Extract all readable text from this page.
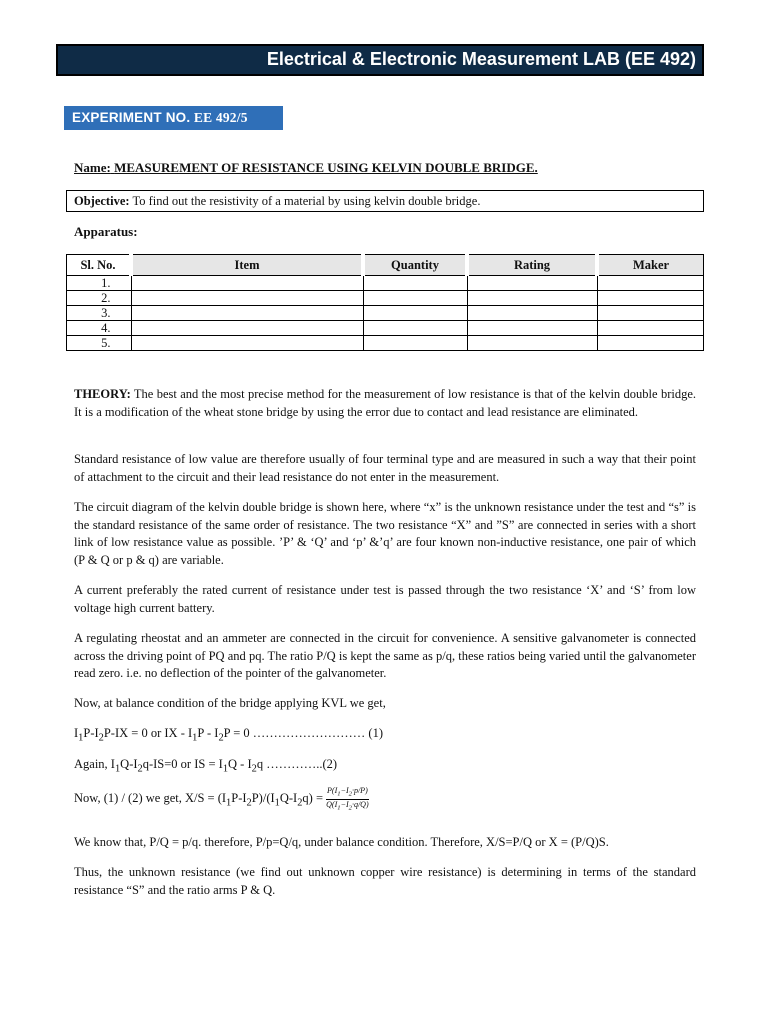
Electrical & Electronic Measurement LAB (EE 492)
EXPERIMENT NO. EE 492/5
Name: MEASUREMENT OF RESISTANCE USING KELVIN DOUBLE BRIDGE.
Objective: To find out the resistivity of a material by using kelvin double bridge.
Apparatus:
Sl. No.	Item	Quantity	Rating	Maker
1.				
2.				
3.				
4.				
5.				
THEORY: The best and the most precise method for the measurement of low resistance is that of the kelvin double bridge. It is a modification of the wheat stone bridge by using the error due to contact and lead resistance are eliminated.
Standard resistance of low value are therefore usually of four terminal type and are measured in such a way that their point of attachment to the circuit and their lead resistance do not enter in the measurement.
The circuit diagram of the kelvin double bridge is shown here, where “x” is the unknown resistance under the test and “s” is the standard resistance of the same order of resistance. The two resistance “X” and ”S” are connected in series with a short link of low resistance value as possible. ’P’ & ‘Q’ and ‘p’ &’q’ are four known non-inductive resistance, one pair of which (P & Q or p & q) are variable.
A current preferably the rated current of resistance under test is passed through the two resistance ‘X’ and ‘S’ from low voltage high current battery.
A regulating rheostat and an ammeter are connected in the circuit for convenience. A sensitive galvanometer is connected across the driving point of PQ and pq. The ratio P/Q is kept the same as p/q, these ratios being varied until the galvanometer read zero. i.e. no deflection of the pointer of the galvanometer.
Now, at balance condition of the bridge applying KVL we get,
$I_1P-I_2P-IX = 0$ or IX - $I_1P - I_2P = 0$ ……………………… (1)
Again, $I_1Q-I_2q-IS=0$ or IS = $I_1Q - I_2q$ …………..(2)
Now, (1) / (2) we get, $X/S = (I_1P-I_2P)/(I_1Q-I_2q) = \frac{P(I_1-I_2\cdot p/P)}{Q(I_1-I_2\cdot q/Q)}$
We know that, P/Q = p/q. therefore, P/p=Q/q, under balance condition. Therefore, X/S=P/Q or X = (P/Q)S.
Thus, the unknown resistance (we find out unknown copper wire resistance) is determining in terms of the standard resistance “S” and the ratio arms P & Q.
